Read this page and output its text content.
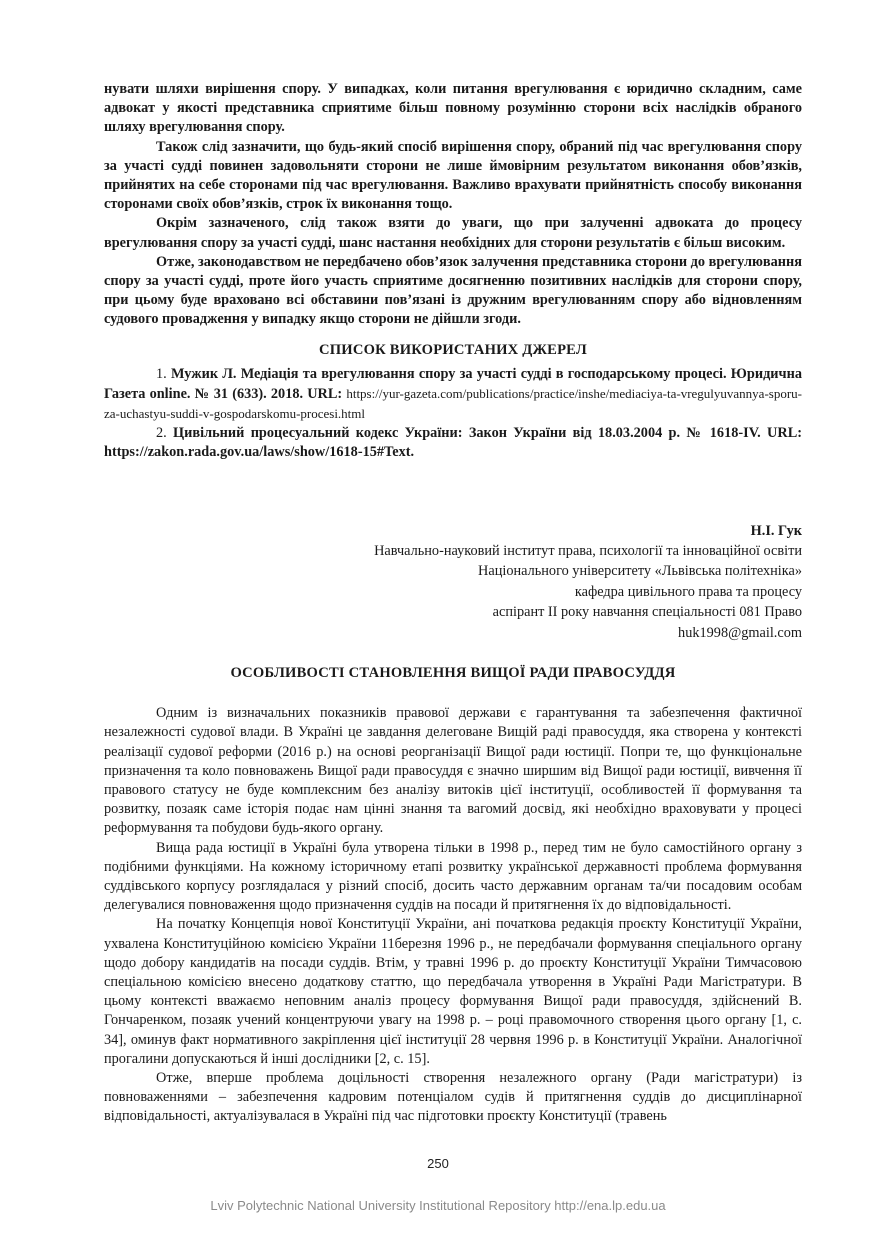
нувати шляхи вирішення спору. У випадках, коли питання врегулювання є юридично складним, саме адвокат у якості представника сприятиме більш повному розумінню сторони всіх наслідків обраного шляху врегулювання спору.

Також слід зазначити, що будь-який спосіб вирішення спору, обраний під час врегулювання спору за участі судді повинен задовольняти сторони не лише ймовірним результатом виконання обов’язків, прийнятих на себе сторонами під час врегулювання. Важливо врахувати прийнятність способу виконання сторонами своїх обов’язків, строк їх виконання тощо.

Окрім зазначеного, слід також взяти до уваги, що при залученні адвоката до процесу врегулювання спору за участі судді, шанс настання необхідних для сторони результатів є більш високим.

Отже, законодавством не передбачено обов’язок залучення представника сторони до врегулювання спору за участі судді, проте його участь сприятиме досягненню позитивних наслідків для сторони спору, при цьому буде враховано всі обставини пов’язані із дружним врегулюванням спору або відновленням судового провадження у випадку якщо сторони не дійшли згоди.

СПИСОК ВИКОРИСТАНИХ ДЖЕРЕЛ

1. Мужик Л. Медіація та врегулювання спору за участі судді в господарському процесі. Юридична Газета online. № 31 (633). 2018. URL: https://yur-gazeta.com/publications/practice/inshe/mediaciya-ta-vregulyuvannya-sporu-za-uchastyu-suddi-v-gospodarskomu-procesi.html

2. Цивільний процесуальний кодекс України: Закон України від 18.03.2004 р. № 1618-IV. URL: https://zakon.rada.gov.ua/laws/show/1618-15#Text.

Н.І. Гук
Навчально-науковий інститут права, психології та інноваційної освіти
Національного університету «Львівська політехніка»
кафедра цивільного права та процесу
аспірант II року навчання спеціальності 081 Право
huk1998@gmail.com
ОСОБЛИВОСТІ СТАНОВЛЕННЯ ВИЩОЇ РАДИ ПРАВОСУДДЯ

Одним із визначальних показників правової держави є гарантування та забезпечення фактичної незалежності судової влади. В Україні це завдання делеговане Вищій раді правосуддя, яка створена у контексті реалізації судової реформи (2016 р.) на основі реорганізації Вищої ради юстиції. Попри те, що функціональне призначення та коло повноважень Вищої ради правосуддя є значно ширшим від Вищої ради юстиції, вивчення її правового статусу не буде комплексним без аналізу витоків цієї інституції, особливостей її формування та розвитку, позаяк саме історія подає нам цінні знання та вагомий досвід, які необхідно враховувати у процесі реформування та побудови будь-якого органу.

Вища рада юстиції в Україні була утворена тільки в 1998 р., перед тим не було самостійного органу з подібними функціями. На кожному історичному етапі розвитку української державності проблема формування суддівського корпусу розглядалася у різний спосіб, досить часто державним органам та/чи посадовим особам делегувалися повноваження щодо призначення суддів на посади й притягнення їх до відповідальності.

На початку Концепція нової Конституції України, ані початкова редакція проєкту Конституції України, ухвалена Конституційною комісією України 11березня 1996 р., не передбачали формування спеціального органу щодо добору кандидатів на посади суддів. Втім, у травні 1996 р. до проєкту Конституції України Тимчасовою спеціальною комісією внесено додаткову статтю, що передбачала утворення в Україні Ради Магістратури. В цьому контексті вважаємо неповним аналіз процесу формування Вищої ради правосуддя, здійснений В. Гончаренком, позаяк учений концентруючи увагу на 1998 р. – році правомочного створення цього органу [1, с. 34], оминув факт нормативного закріплення цієї інституції 28 червня 1996 р. в Конституції України. Аналогічної прогалини допускаються й інші дослідники [2, с. 15].

Отже, вперше проблема доцільності створення незалежного органу (Ради магістратури) із повноваженнями – забезпечення кадровим потенціалом судів й притягнення суддів до дисциплінарної відповідальності, актуалізувалася в Україні під час підготовки проєкту Конституції (травень

250
Lviv Polytechnic National University Institutional Repository http://ena.lp.edu.ua
